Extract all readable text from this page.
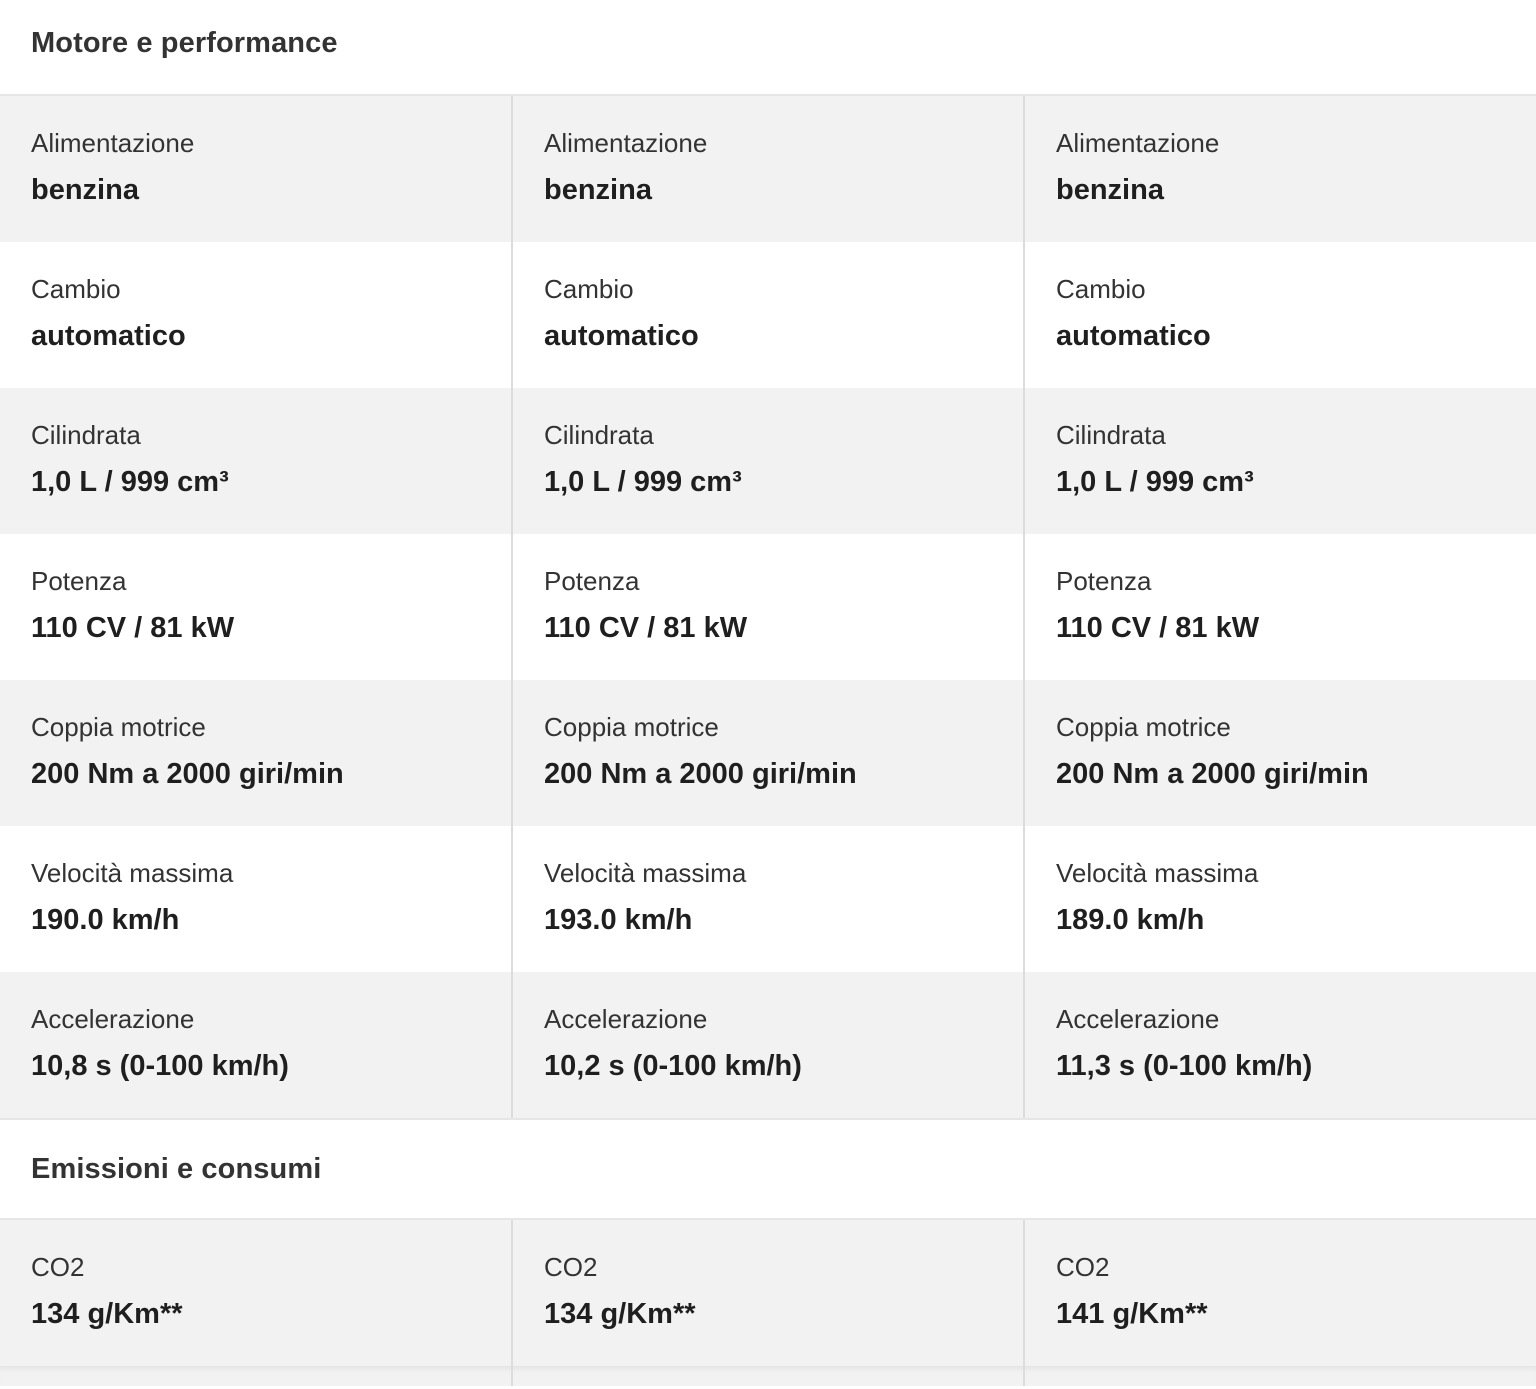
Motore e performance
Alimentazione
benzina
Alimentazione
benzina
Alimentazione
benzina
Cambio
automatico
Cambio
automatico
Cambio
automatico
Cilindrata
1,0 L / 999 cm³
Cilindrata
1,0 L / 999 cm³
Cilindrata
1,0 L / 999 cm³
Potenza
110 CV / 81 kW
Potenza
110 CV / 81 kW
Potenza
110 CV / 81 kW
Coppia motrice
200 Nm a 2000 giri/min
Coppia motrice
200 Nm a 2000 giri/min
Coppia motrice
200 Nm a 2000 giri/min
Velocità massima
190.0 km/h
Velocità massima
193.0 km/h
Velocità massima
189.0 km/h
Accelerazione
10,8 s (0-100 km/h)
Accelerazione
10,2 s (0-100 km/h)
Accelerazione
11,3 s (0-100 km/h)
Emissioni e consumi
CO2
134 g/Km**
CO2
134 g/Km**
CO2
141 g/Km**
